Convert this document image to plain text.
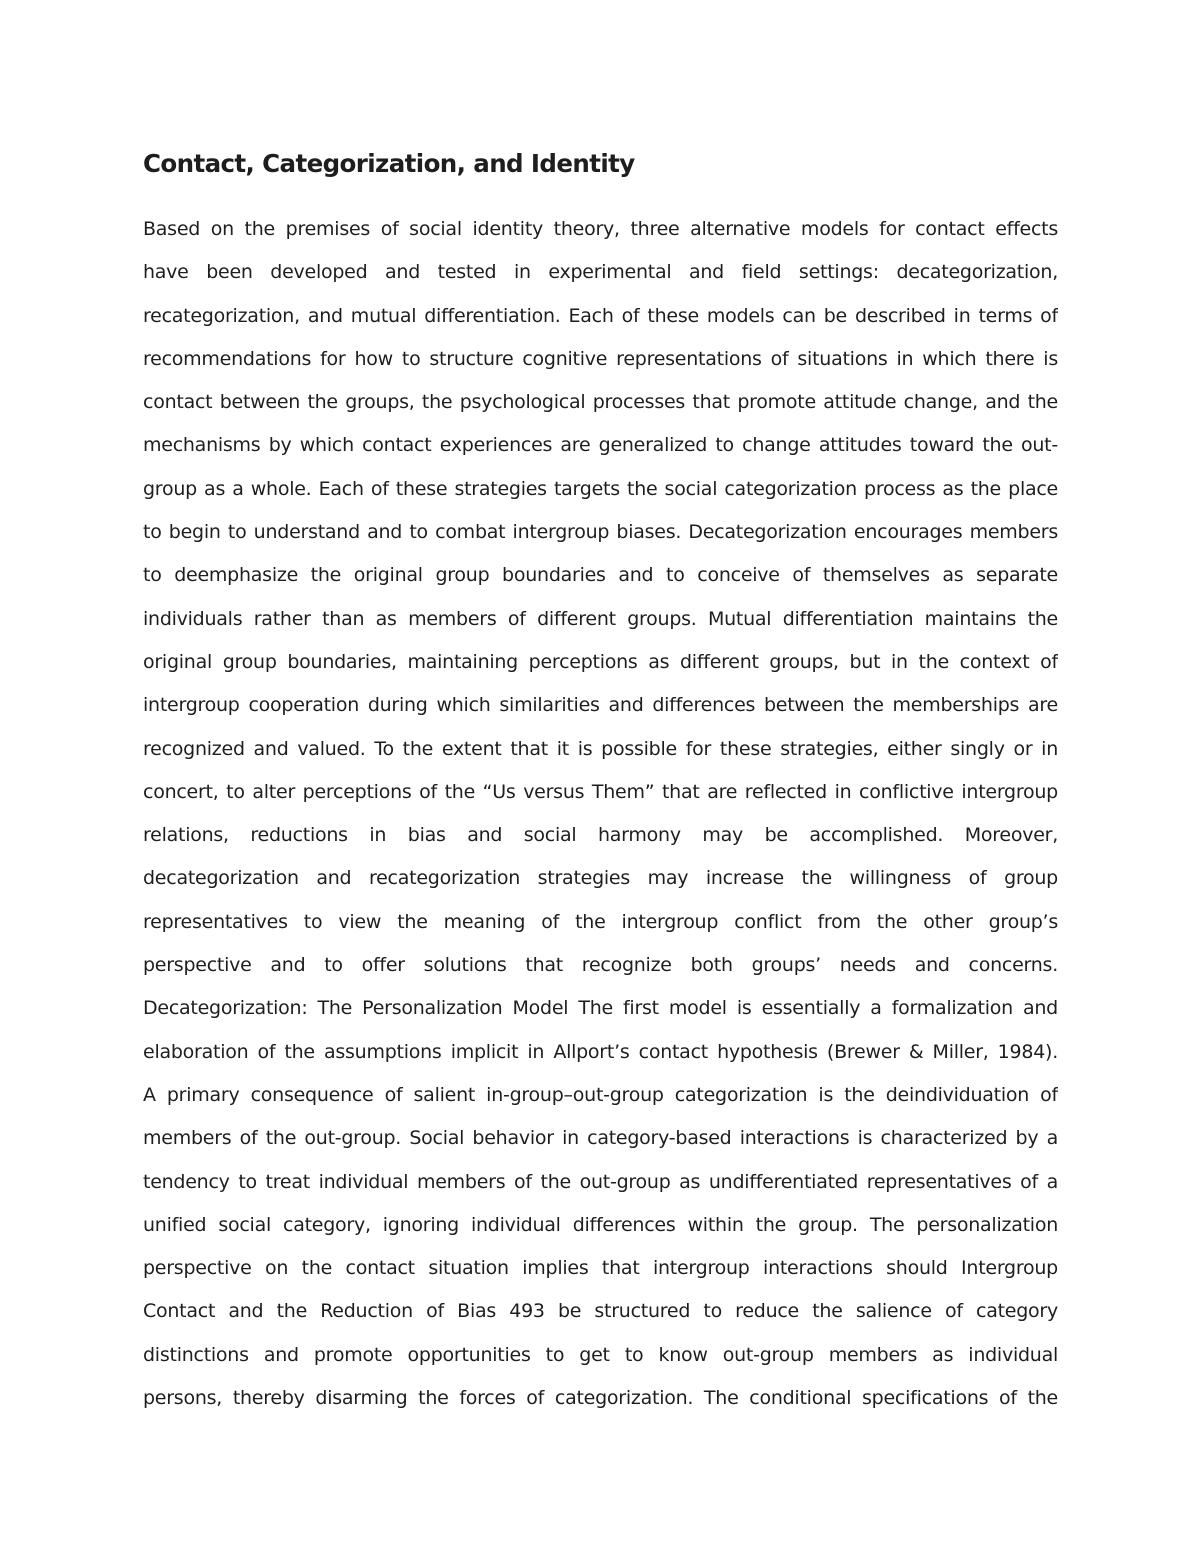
Contact, Categorization, and Identity
Based on the premises of social identity theory, three alternative models for contact effects
have been developed and tested in experimental and field settings: decategorization,
recategorization, and mutual differentiation. Each of these models can be described in terms of
recommendations for how to structure cognitive representations of situations in which there is
contact between the groups, the psychological processes that promote attitude change, and the
mechanisms by which contact experiences are generalized to change attitudes toward the out-
group as a whole. Each of these strategies targets the social categorization process as the place
to begin to understand and to combat intergroup biases. Decategorization encourages members
to deemphasize the original group boundaries and to conceive of themselves as separate
individuals rather than as members of different groups. Mutual differentiation maintains the
original group boundaries, maintaining perceptions as different groups, but in the context of
intergroup cooperation during which similarities and differences between the memberships are
recognized and valued. To the extent that it is possible for these strategies, either singly or in
concert, to alter perceptions of the “Us versus Them” that are reflected in conflictive intergroup
relations, reductions in bias and social harmony may be accomplished. Moreover,
decategorization and recategorization strategies may increase the willingness of group
representatives to view the meaning of the intergroup conflict from the other group’s
perspective and to offer solutions that recognize both groups’ needs and concerns.
Decategorization: The Personalization Model The first model is essentially a formalization and
elaboration of the assumptions implicit in Allport’s contact hypothesis (Brewer & Miller, 1984).
A primary consequence of salient in-group–out-group categorization is the deindividuation of
members of the out-group. Social behavior in category-based interactions is characterized by a
tendency to treat individual members of the out-group as undifferentiated representatives of a
unified social category, ignoring individual differences within the group. The personalization
perspective on the contact situation implies that intergroup interactions should Intergroup
Contact and the Reduction of Bias 493 be structured to reduce the salience of category
distinctions and promote opportunities to get to know out-group members as individual
persons, thereby disarming the forces of categorization. The conditional specifications of the
